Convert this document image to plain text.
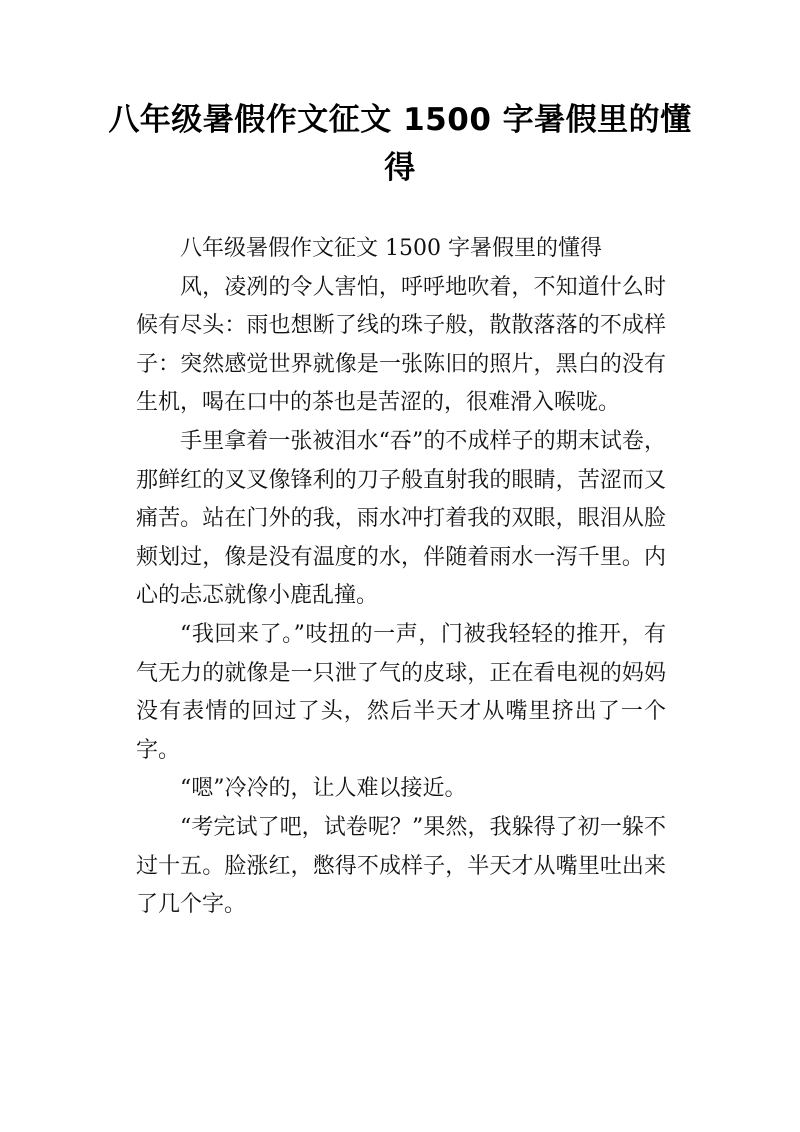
八年级暑假作文征文 1500 字暑假里的懂得

八年级暑假作文征文 1500 字暑假里的懂得

风，凌冽的令人害怕，呼呼地吹着，不知道什么时候有尽头：雨也想断了线的珠子般，散散落落的不成样子：突然感觉世界就像是一张陈旧的照片，黑白的没有生机，喝在口中的茶也是苦涩的，很难滑入喉咙。

手里拿着一张被泪水“吞”的不成样子的期末试卷，那鲜红的叉叉像锋利的刀子般直射我的眼睛，苦涩而又痛苦。站在门外的我，雨水冲打着我的双眼，眼泪从脸颊划过，像是没有温度的水，伴随着雨水一泻千里。内心的忐忑就像小鹿乱撞。

“我回来了。”吱扭的一声，门被我轻轻的推开，有气无力的就像是一只泄了气的皮球，正在看电视的妈妈没有表情的回过了头，然后半天才从嘴里挤出了一个字。

“嗯”冷冷的，让人难以接近。

“考完试了吧，试卷呢？”果然，我躲得了初一躲不过十五。脸涨红，憋得不成样子，半天才从嘴里吐出来了几个字。
